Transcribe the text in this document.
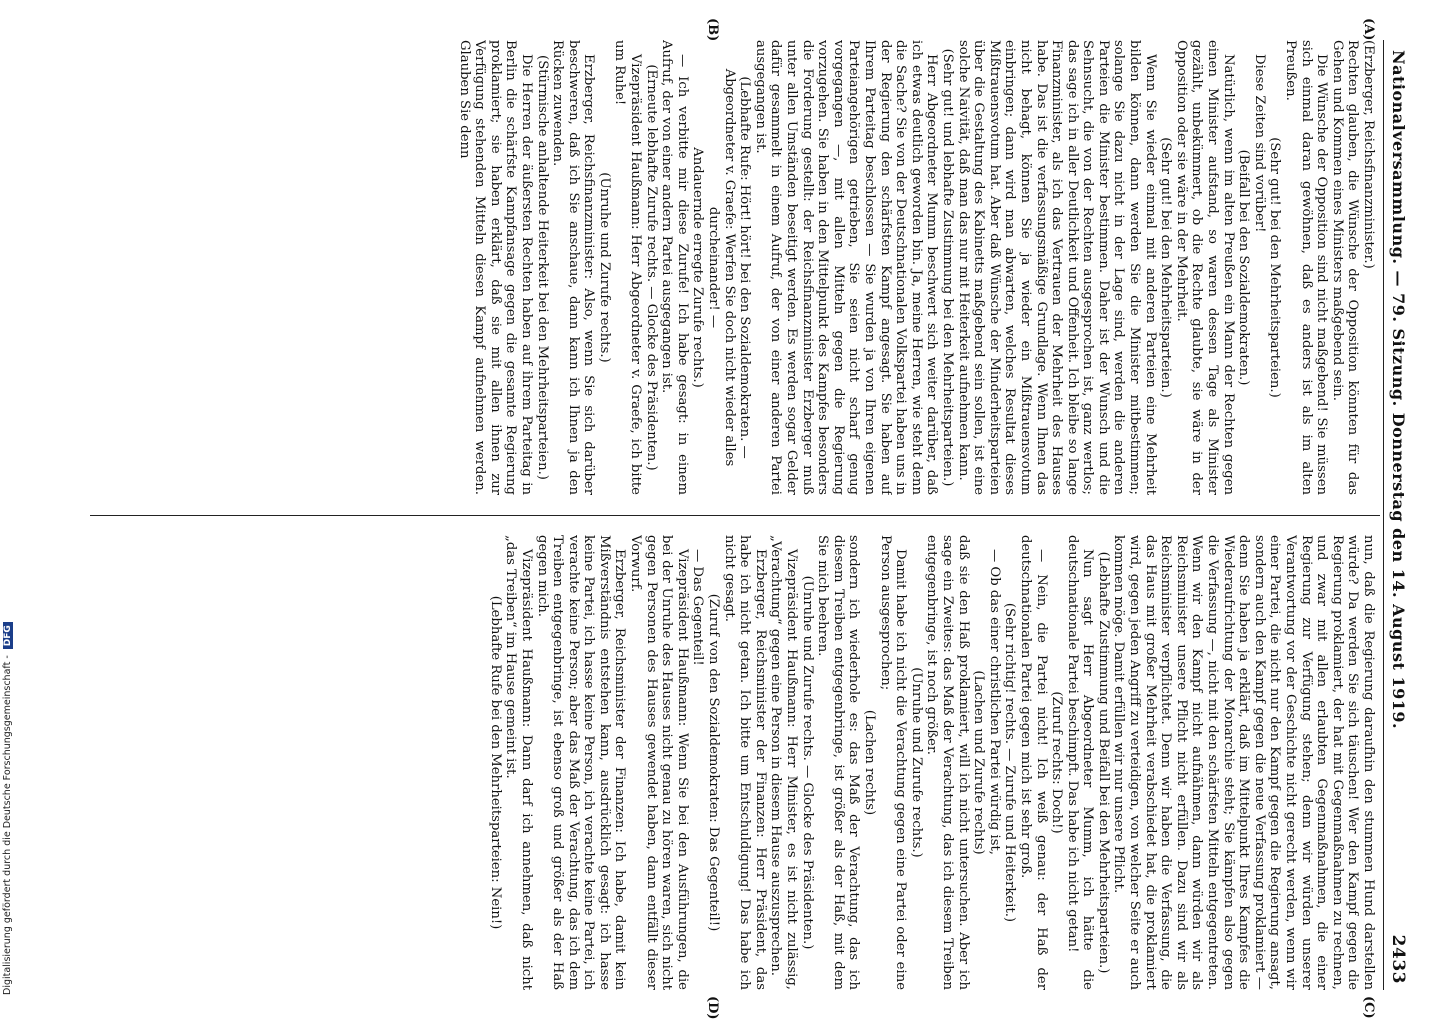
Nationalversammlung. — 79. Sitzung. Donnerstag den 14. August 1919.
2433
(A)
(B)
(C)
(D)

(Erzberger, Reichsfinanzminister.)

Rechten glauben, die Wünsche der Opposition könnten für das Gehen und Kommen eines Ministers maßgebend sein.

Die Wünsche der Opposition sind nicht maßgebend! Sie müssen sich einmal daran gewöhnen, daß es anders ist als im alten Preußen.

(Sehr gut! bei den Mehrheitsparteien.)

Diese Zeiten sind vorüber!

(Beifall bei den Sozialdemokraten.)

Natürlich, wenn im alten Preußen ein Mann der Rechten gegen einen Minister aufstand, so waren dessen Tage als Minister gezählt, unbekümmert, ob die Rechte glaubte, sie wäre in der Opposition oder sie wäre in der Mehrheit.

(Sehr gut! bei den Mehrheitsparteien.)

Wenn Sie wieder einmal mit anderen Parteien eine Mehrheit bilden können, dann werden Sie die Minister mitbestimmen; solange Sie dazu nicht in der Lage sind, werden die anderen Parteien die Minister bestimmen. Daher ist der Wunsch und die Sehnsucht, die von der Rechten ausgesprochen ist, ganz wertlos; das sage ich in aller Deutlichkeit und Offenheit. Ich bleibe so lange Finanzminister, als ich das Vertrauen der Mehrheit des Hauses habe. Das ist die verfassungsmäßige Grundlage. Wenn Ihnen das nicht behagt, können Sie ja wieder ein Mißtrauensvotum einbringen; dann wird man abwarten, welches Resultat dieses Mißtrauensvotum hat. Aber daß Wünsche der Minderheitsparteien über die Gestaltung des Kabinetts maßgebend sein sollen, ist eine solche Naivität, daß man das nur mit Heiterkeit aufnehmen kann.

(Sehr gut! und lebhafte Zustimmung bei den Mehrheitsparteien.)

Herr Abgeordneter Mumm beschwert sich weiter darüber, daß ich etwas deutlich geworden bin. Ja, meine Herren, wie steht denn die Sache? Sie von der Deutschnationalen Volkspartei haben uns in der Regierung den schärfsten Kampf angesagt. Sie haben auf Ihrem Parteitag beschlossen — Sie wurden ja von Ihren eigenen Parteiangehörigen getrieben, Sie seien nicht scharf genug vorgegangen —, mit allen Mitteln gegen die Regierung vorzugehen. Sie haben in den Mittelpunkt des Kampfes besonders die Forderung gestellt: der Reichsfinanzminister Erzberger muß unter allen Umständen beseitigt werden. Es werden sogar Gelder dafür gesammelt in einem Aufruf, der von einer anderen Partei ausgegangen ist.

(Lebhafte Rufe: Hört! hört! bei den Sozialdemokraten. — Abgeordneter v. Graefe: Werfen Sie doch nicht wieder alles durcheinander! —

Andauernde erregte Zurufe rechts.)

— Ich verbitte mir diese Zurufe! Ich habe gesagt: in einem Aufruf, der von einer andern Partei ausgegangen ist.

(Erneute lebhafte Zurufe rechts. — Glocke des Präsidenten.)

Vizepräsident Haußmann: Herr Abgeordneter v. Graefe, ich bitte um Ruhe!

(Unruhe und Zurufe rechts.)

Erzberger, Reichsfinanzminister: Also, wenn Sie sich darüber beschweren, daß ich Sie anschaue, dann kann ich Ihnen ja den Rücken zuwenden.

(Stürmische anhaltende Heiterkeit bei den Mehrheitsparteien.)

Die Herren der äußersten Rechten haben auf ihrem Parteitag in Berlin die schärfste Kampfansage gegen die gesamte Regierung proklamiert; sie haben erklärt, daß sie mit allen ihnen zur Verfügung stehenden Mitteln diesen Kampf aufnehmen werden. Glauben Sie denn

nun, daß die Regierung daraufhin den stummen Hund darstellen würde? Da werden Sie sich täuschen! Wer den Kampf gegen die Regierung proklamiert, der hat mit Gegenmaßnahmen zu rechnen, und zwar mit allen erlaubten Gegenmaßnahmen, die einer Regierung zur Verfügung stehen; denn wir würden unserer Verantwortung vor der Geschichte nicht gerecht werden, wenn wir einer Partei, die nicht nur den Kampf gegen die Regierung ansagt, sondern auch den Kampf gegen die neue Verfassung proklamiert — denn Sie haben ja erklärt, daß im Mittelpunkt Ihres Kampfes die Wiederaufrichtung der Monarchie steht; Sie kämpfen also gegen die Verfassung —, nicht mit den schärfsten Mitteln entgegentreten. Wenn wir den Kampf nicht aufnähmen, dann würden wir als Reichsminister unsere Pflicht nicht erfüllen. Dazu sind wir als Reichsminister verpflichtet. Denn wir haben die Verfassung, die das Haus mit großer Mehrheit verabschiedet hat, die proklamiert wird, gegen jeden Angriff zu verteidigen, von welcher Seite er auch kommen möge. Damit erfüllen wir nur unsere Pflicht.

(Lebhafte Zustimmung und Beifall bei den Mehrheitsparteien.)

Nun sagt Herr Abgeordneter Mumm, ich hätte die deutschnationale Partei beschimpft. Das habe ich nicht getan!

(Zuruf rechts: Doch!)

— Nein, die Partei nicht! Ich weiß genau: der Haß der deutschnationalen Partei gegen mich ist sehr groß.

(Sehr richtig! rechts. — Zurufe und Heiterkeit.)

— Ob das einer christlichen Partei würdig ist,

(Lachen und Zurufe rechts)

daß sie den Haß proklamiert, will ich nicht untersuchen. Aber ich sage ein Zweites: das Maß der Verachtung, das ich diesem Treiben entgegenbringe, ist noch größer.

(Unruhe und Zurufe rechts.)

Damit habe ich nicht die Verachtung gegen eine Partei oder eine Person ausgesprochen;

(Lachen rechts)

sondern ich wiederhole es: das Maß der Verachtung, das ich diesem Treiben entgegenbringe, ist größer als der Haß, mit dem Sie mich beehren.

(Unruhe und Zurufe rechts. — Glocke des Präsidenten.)

Vizepräsident Haußmann: Herr Minister, es ist nicht zulässig, „Verachtung“ gegen eine Person in diesem Hause auszusprechen.

Erzberger, Reichsminister der Finanzen: Herr Präsident, das habe ich nicht getan. Ich bitte um Entschuldigung! Das habe ich nicht gesagt.

(Zuruf von den Sozialdemokraten: Das Gegenteil!)

— Das Gegenteil!

Vizepräsident Haußmann: Wenn Sie bei den Ausführungen, die bei der Unruhe des Hauses nicht genau zu hören waren, sich nicht gegen Personen des Hauses gewendet haben, dann entfällt dieser Vorwurf.

Erzberger, Reichsminister der Finanzen: Ich habe, damit kein Mißverständnis entstehen kann, ausdrücklich gesagt: ich hasse keine Partei, ich hasse keine Person, ich verachte keine Partei, ich verachte keine Person; aber das Maß der Verachtung, das ich dem Treiben entgegenbringe, ist ebenso groß und größer als der Haß gegen mich.

Vizepräsident Haußmann: Dann darf ich annehmen, daß nicht „das Treiben“ im Hause gemeint ist.

(Lebhafte Rufe bei den Mehrheitsparteien: Nein!)

Digitalisierung gefördert durch die Deutsche Forschungsgemeinschaft -DFG
